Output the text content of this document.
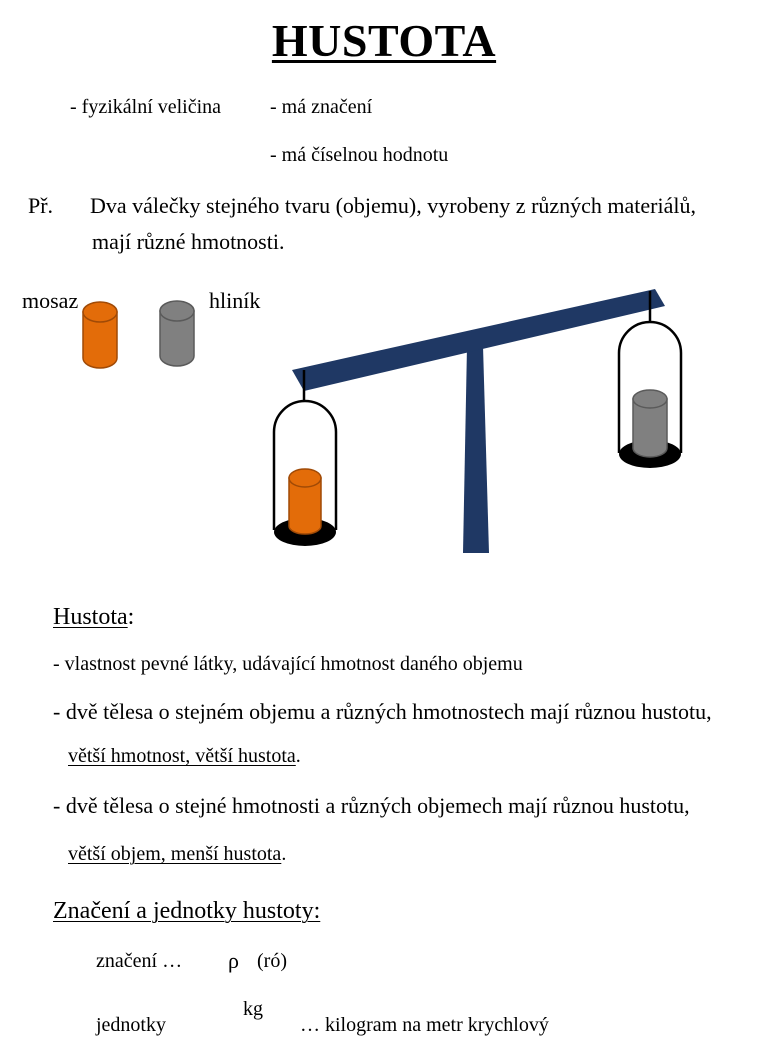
HUSTOTA
- fyzikální veličina - má značení
- má číselnou hodnotu
Př. Dva válečky stejného tvaru (objemu), vyrobeny z různých materiálů,
mají různé hmotnosti.
mosaz	hliník
Hustota:
- vlastnost pevné látky, udávající hmotnost daného objemu
- dvě tělesa o stejném objemu a různých hmotnostech mají různou hustotu,
větší hmotnost, větší hustota.
- dvě tělesa o stejné hmotnosti a různých objemech mají různou hustotu,
větší objem, menší hustota.
Značení a jednotky hustoty:
značení … ρ (ró)
kg
jednotky	… kilogram na metr krychlový
